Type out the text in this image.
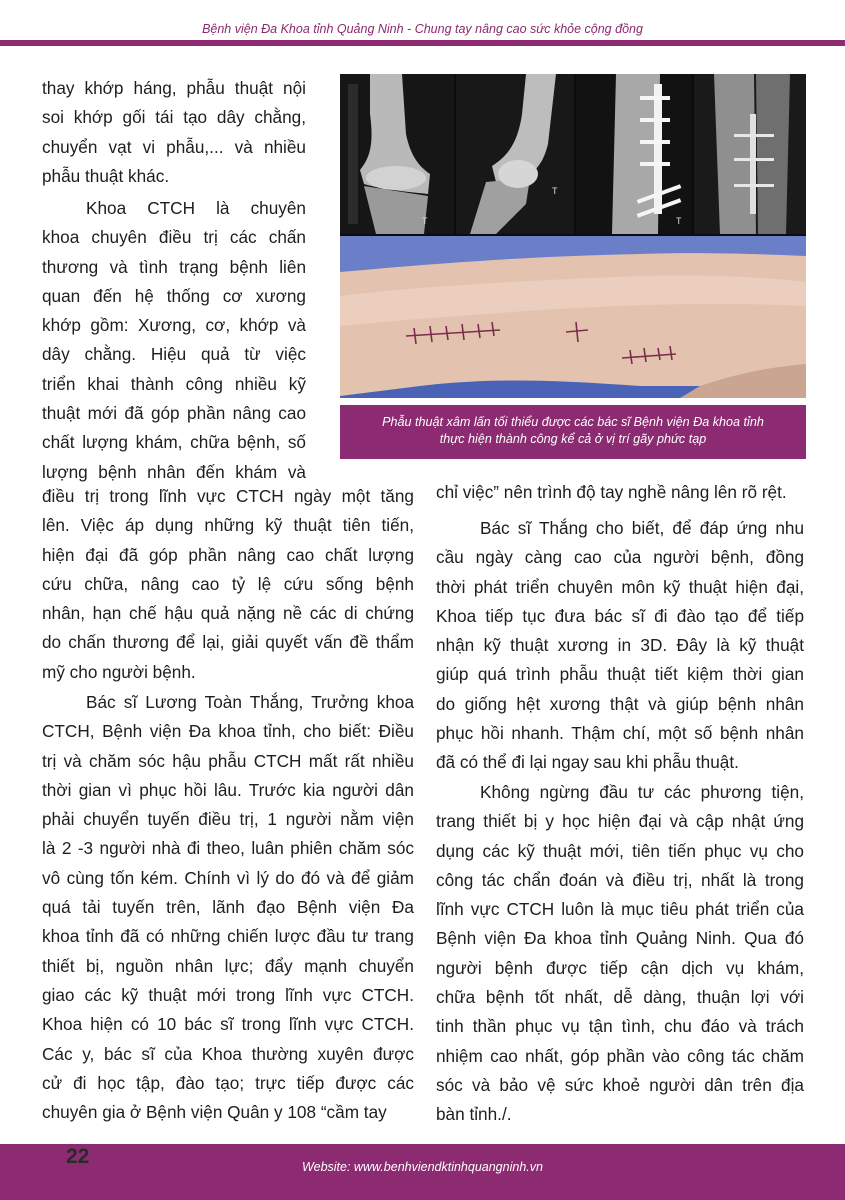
Bệnh viện Đa Khoa tỉnh Quảng Ninh - Chung tay nâng cao sức khỏe cộng đồng

thay khớp háng, phẫu thuật nội
soi khớp gối tái tạo dây chằng,
chuyển vạt vi phẫu,... và nhiều
phẫu thuật khác.

Khoa CTCH là chuyên
khoa chuyên điều trị các chấn
thương và tình trạng bệnh liên
quan đến hệ thống cơ xương
khớp gồm: Xương, cơ, khớp và
dây chằng. Hiệu quả từ việc
triển khai thành công nhiều kỹ
thuật mới đã góp phần nâng cao
chất lượng khám, chữa bệnh, số
lượng bệnh nhân đến khám và

điều trị trong lĩnh vực CTCH ngày một tăng
lên. Việc áp dụng những kỹ thuật tiên tiến,
hiện đại đã góp phần nâng cao chất lượng
cứu chữa, nâng cao tỷ lệ cứu sống bệnh
nhân, hạn chế hậu quả nặng nề các di chứng
do chấn thương để lại, giải quyết vấn đề thẩm
mỹ cho người bệnh.

Bác sĩ Lương Toàn Thắng, Trưởng khoa
CTCH, Bệnh viện Đa khoa tỉnh, cho biết: Điều
trị và chăm sóc hậu phẫu CTCH mất rất nhiều
thời gian vì phục hồi lâu. Trước kia người dân
phải chuyển tuyến điều trị, 1 người nằm viện
là 2 -3 người nhà đi theo, luân phiên chăm sóc
vô cùng tốn kém. Chính vì lý do đó và để giảm
quá tải tuyến trên, lãnh đạo Bệnh viện Đa
khoa tỉnh đã có những chiến lược đầu tư trang
thiết bị, nguồn nhân lực; đẩy mạnh chuyển
giao các kỹ thuật mới trong lĩnh vực CTCH.
Khoa hiện có 10 bác sĩ trong lĩnh vực CTCH.
Các y, bác sĩ của Khoa thường xuyên được
cử đi học tập, đào tạo; trực tiếp được các
chuyên gia ở Bệnh viện Quân y 108 “cầm tay

T
T
T
Phẫu thuật xâm lấn tối thiểu được các bác sĩ Bệnh viện Đa khoa tỉnh
thực hiện thành công kể cả ở vị trí gãy phức tạp

chỉ việc” nên trình độ tay nghề nâng lên rõ rệt.

Bác sĩ Thắng cho biết, để đáp ứng nhu
cầu ngày càng cao của người bệnh, đồng
thời phát triển chuyên môn kỹ thuật hiện đại,
Khoa tiếp tục đưa bác sĩ đi đào tạo để tiếp
nhận kỹ thuật xương in 3D. Đây là kỹ thuật
giúp quá trình phẫu thuật tiết kiệm thời gian
do giống hệt xương thật và giúp bệnh nhân
phục hồi nhanh. Thậm chí, một số bệnh nhân
đã có thể đi lại ngay sau khi phẫu thuật.

Không ngừng đầu tư các phương tiện,
trang thiết bị y học hiện đại và cập nhật ứng
dụng các kỹ thuật mới, tiên tiến phục vụ cho
công tác chẩn đoán và điều trị, nhất là trong
lĩnh vực CTCH luôn là mục tiêu phát triển của
Bệnh viện Đa khoa tỉnh Quảng Ninh. Qua đó
người bệnh được tiếp cận dịch vụ khám,
chữa bệnh tốt nhất, dễ dàng, thuận lợi với
tinh thần phục vụ tận tình, chu đáo và trách
nhiệm cao nhất, góp phần vào công tác chăm
sóc và bảo vệ sức khoẻ người dân trên địa
bàn tỉnh./.

22	Website: www.benhviendktinhquangninh.vn
